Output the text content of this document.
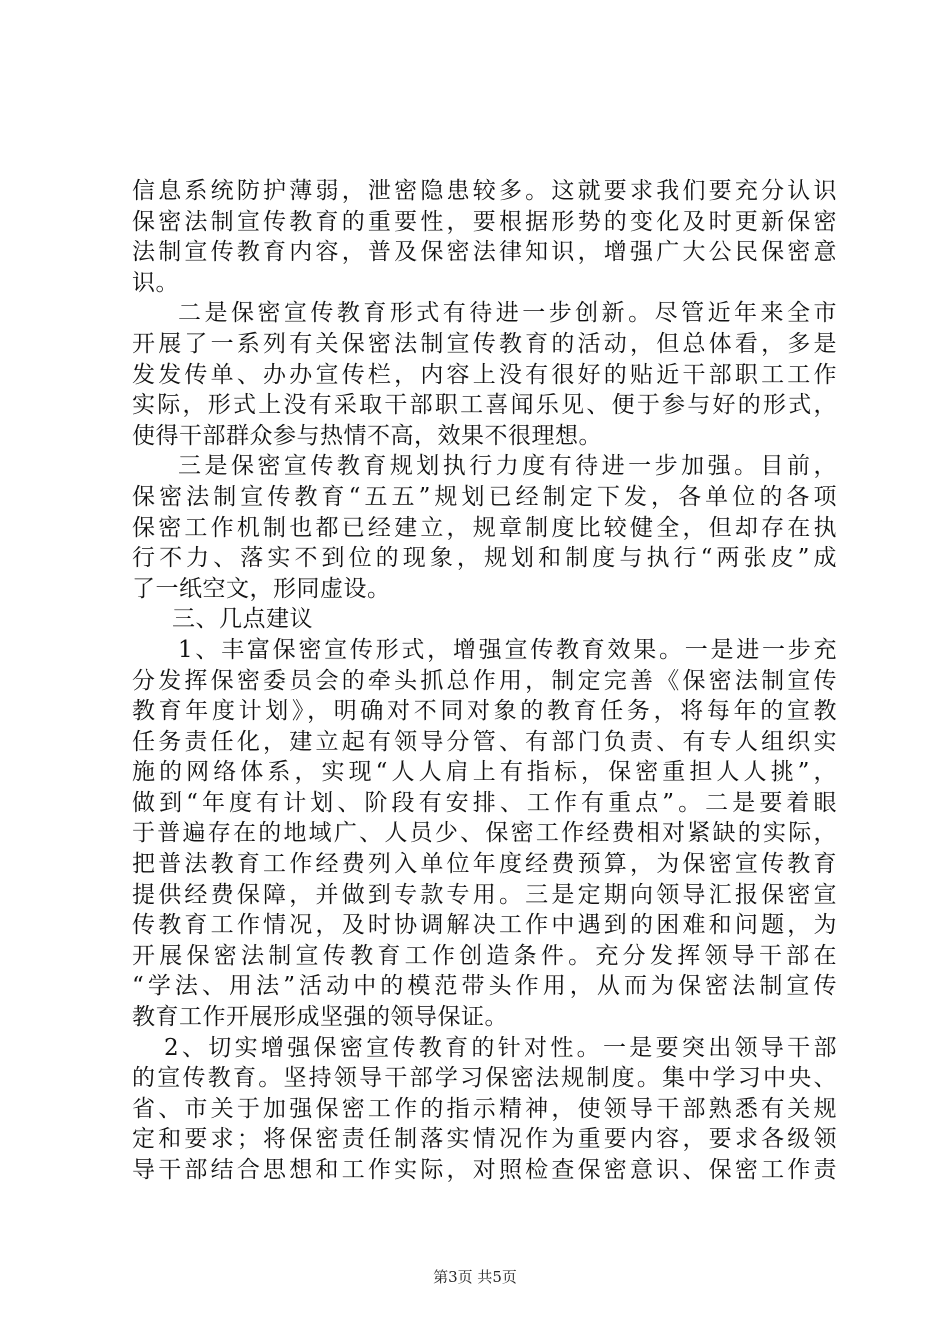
信息系统防护薄弱，泄密隐患较多。这就要求我们要充分认识
保密法制宣传教育的重要性，要根据形势的变化及时更新保密
法制宣传教育内容，普及保密法律知识，增强广大公民保密意
识。
二是保密宣传教育形式有待进一步创新。尽管近年来全市
开展了一系列有关保密法制宣传教育的活动，但总体看，多是
发发传单、办办宣传栏，内容上没有很好的贴近干部职工工作
实际，形式上没有采取干部职工喜闻乐见、便于参与好的形式，
使得干部群众参与热情不高，效果不很理想。
三是保密宣传教育规划执行力度有待进一步加强。目前，
保密法制宣传教育“五五”规划已经制定下发，各单位的各项
保密工作机制也都已经建立，规章制度比较健全，但却存在执
行不力、落实不到位的现象，规划和制度与执行“两张皮”成
了一纸空文，形同虚设。
三、几点建议
1、丰富保密宣传形式，增强宣传教育效果。一是进一步充
分发挥保密委员会的牵头抓总作用，制定完善《保密法制宣传
教育年度计划》，明确对不同对象的教育任务，将每年的宣教
任务责任化，建立起有领导分管、有部门负责、有专人组织实
施的网络体系，实现“人人肩上有指标，保密重担人人挑”，
做到“年度有计划、阶段有安排、工作有重点”。二是要着眼
于普遍存在的地域广、人员少、保密工作经费相对紧缺的实际，
把普法教育工作经费列入单位年度经费预算，为保密宣传教育
提供经费保障，并做到专款专用。三是定期向领导汇报保密宣
传教育工作情况，及时协调解决工作中遇到的困难和问题，为
开展保密法制宣传教育工作创造条件。充分发挥领导干部在
“学法、用法”活动中的模范带头作用，从而为保密法制宣传
教育工作开展形成坚强的领导保证。
2、切实增强保密宣传教育的针对性。一是要突出领导干部
的宣传教育。坚持领导干部学习保密法规制度。集中学习中央、
省、市关于加强保密工作的指示精神，使领导干部熟悉有关规
定和要求；将保密责任制落实情况作为重要内容，要求各级领
导干部结合思想和工作实际，对照检查保密意识、保密工作责
第3页 共5页
